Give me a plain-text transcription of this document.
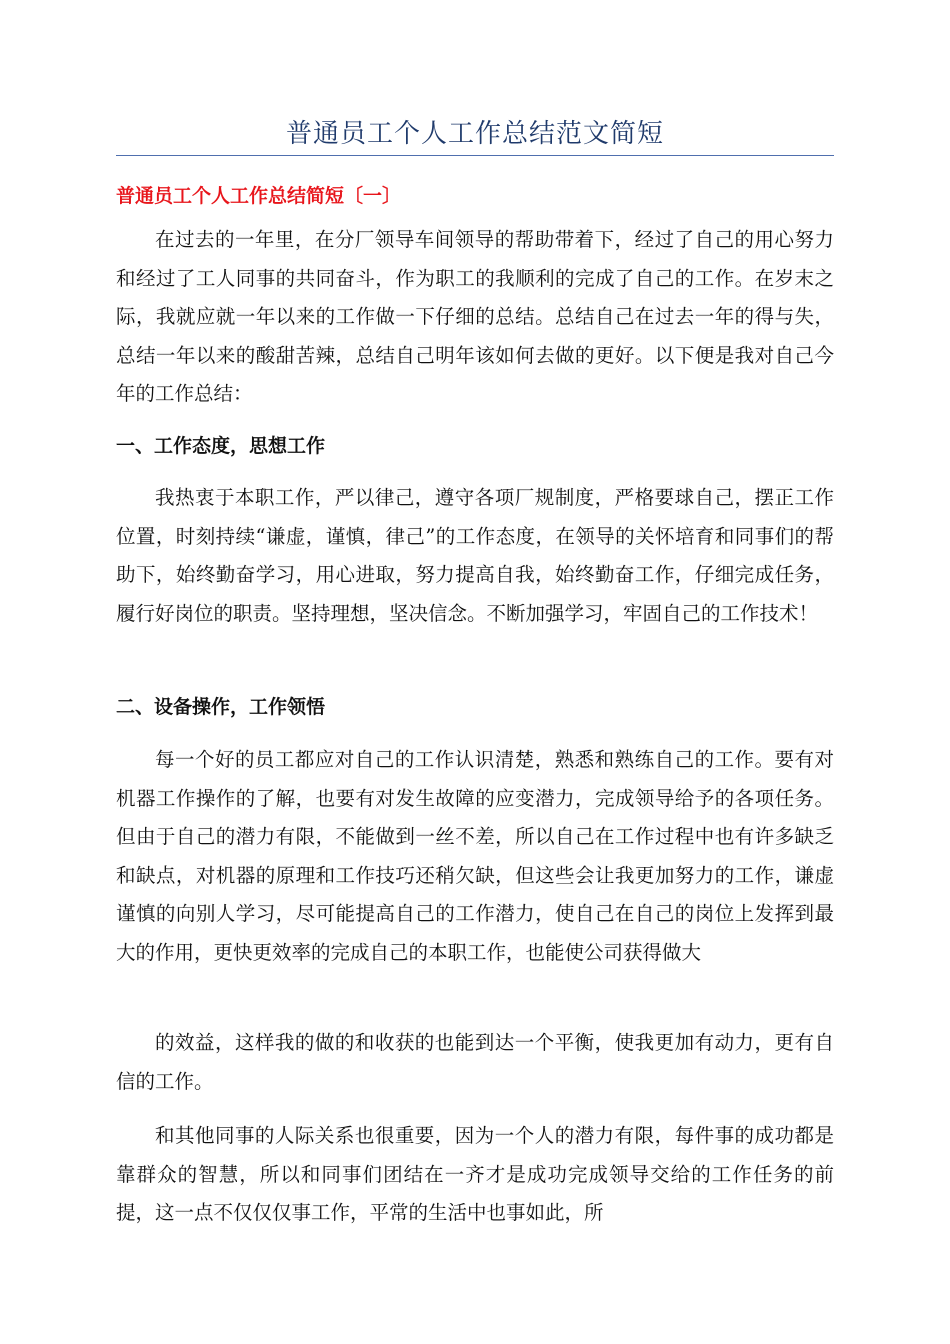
普通员工个人工作总结范文简短
普通员工个人工作总结简短〔一〕

在过去的一年里，在分厂领导车间领导的帮助带着下，经过了自己的用心努力和经过了工人同事的共同奋斗，作为职工的我顺利的完成了自己的工作。在岁末之际，我就应就一年以来的工作做一下仔细的总结。总结自己在过去一年的得与失，总结一年以来的酸甜苦辣，总结自己明年该如何去做的更好。以下便是我对自己今年的工作总结：

一、工作态度，思想工作

我热衷于本职工作，严以律己，遵守各项厂规制度，严格要球自己，摆正工作位置，时刻持续“谦虚，谨慎，律己”的工作态度，在领导的关怀培育和同事们的帮助下，始终勤奋学习，用心进取，努力提高自我，始终勤奋工作，仔细完成任务，履行好岗位的职责。坚持理想，坚决信念。不断加强学习，牢固自己的工作技术！

二、设备操作，工作领悟

每一个好的员工都应对自己的工作认识清楚，熟悉和熟练自己的工作。要有对机器工作操作的了解，也要有对发生故障的应变潜力，完成领导给予的各项任务。但由于自己的潜力有限，不能做到一丝不差，所以自己在工作过程中也有许多缺乏和缺点，对机器的原理和工作技巧还稍欠缺，但这些会让我更加努力的工作，谦虚谨慎的向别人学习，尽可能提高自己的工作潜力，使自己在自己的岗位上发挥到最大的作用，更快更效率的完成自己的本职工作，也能使公司获得做大

的效益，这样我的做的和收获的也能到达一个平衡，使我更加有动力，更有自信的工作。

和其他同事的人际关系也很重要，因为一个人的潜力有限，每件事的成功都是靠群众的智慧，所以和同事们团结在一齐才是成功完成领导交给的工作任务的前提，这一点不仅仅仅事工作，平常的生活中也事如此，所
